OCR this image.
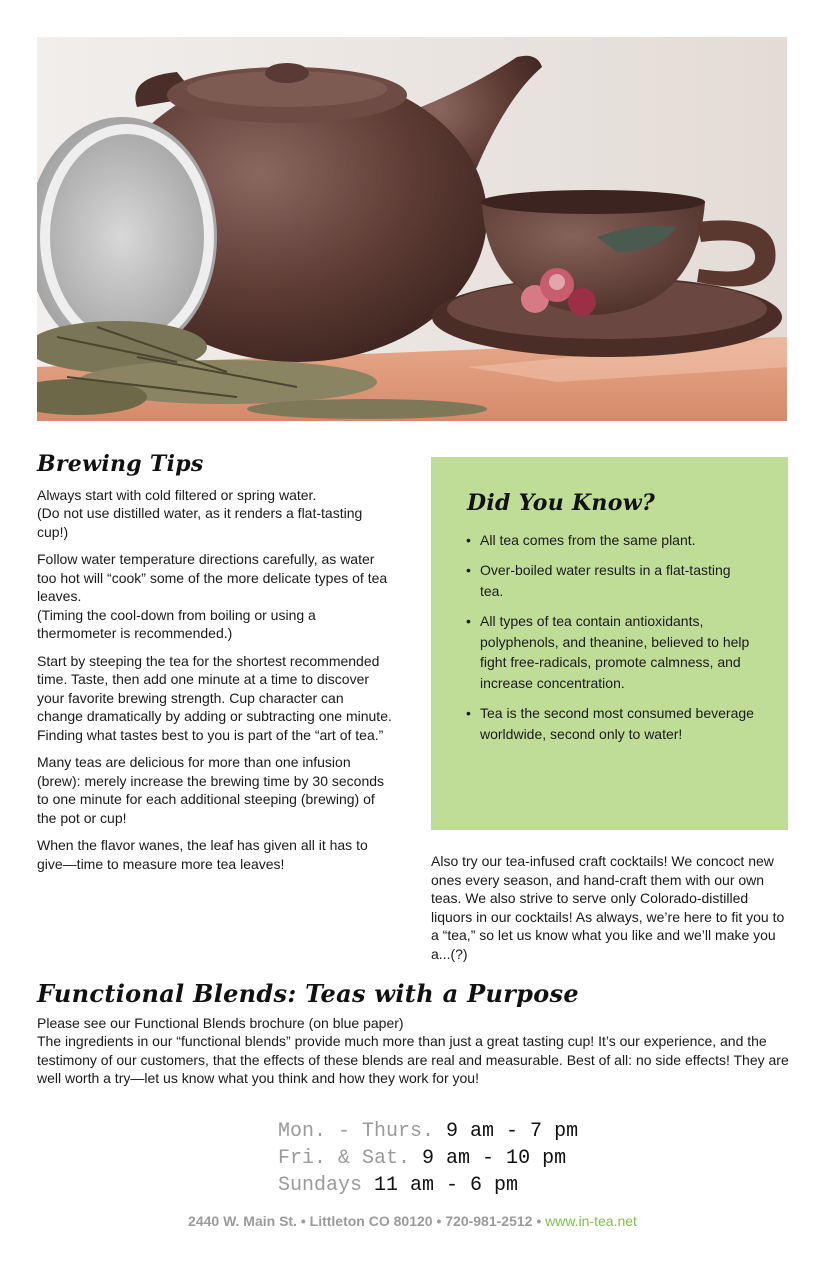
Brewing Tips

Always start with cold filtered or spring water.

(Do not use distilled water, as it renders a flat-tasting cup!)

Follow water temperature directions carefully, as water too hot will “cook” some of the more delicate types of tea leaves.

(Timing the cool-down from boiling or using a thermometer is recommended.)

Start by steeping the tea for the shortest recommended time. Taste, then add one minute at a time to discover your favorite brewing strength. Cup character can change dramatically by adding or subtracting one minute. Finding what tastes best to you is part of the “art of tea.”

Many teas are delicious for more than one infusion (brew): merely increase the brewing time by 30 seconds to one minute for each additional steeping (brewing) of the pot or cup!

When the flavor wanes, the leaf has given all it has to give—time to measure more tea leaves!

Did You Know?
• All tea comes from the same plant.
• Over-boiled water results in a flat-tasting tea.
• All types of tea contain antioxidants, polyphenols, and theanine, believed to help fight free-radicals, promote calmness, and increase concentration.
• Tea is the second most consumed beverage worldwide, second only to water!

Also try our tea-infused craft cocktails! We concoct new ones every season, and hand-craft them with our own teas. We also strive to serve only Colorado-distilled liquors in our cocktails! As always, we’re here to fit you to a “tea,” so let us know what you like and we’ll make you a...(?)

Functional Blends: Teas with a Purpose

Please see our Functional Blends brochure (on blue paper)

The ingredients in our “functional blends” provide much more than just a great tasting cup! It’s our experience, and the testimony of our customers, that the effects of these blends are real and measurable. Best of all: no side effects! They are well worth a try—let us know what you think and how they work for you!

Mon. - Thurs. 9 am - 7 pm
Fri. & Sat. 9 am - 10 pm
Sundays 11 am - 6 pm
2440 W. Main St. • Littleton CO 80120 • 720-981-2512 • www.in-tea.net
